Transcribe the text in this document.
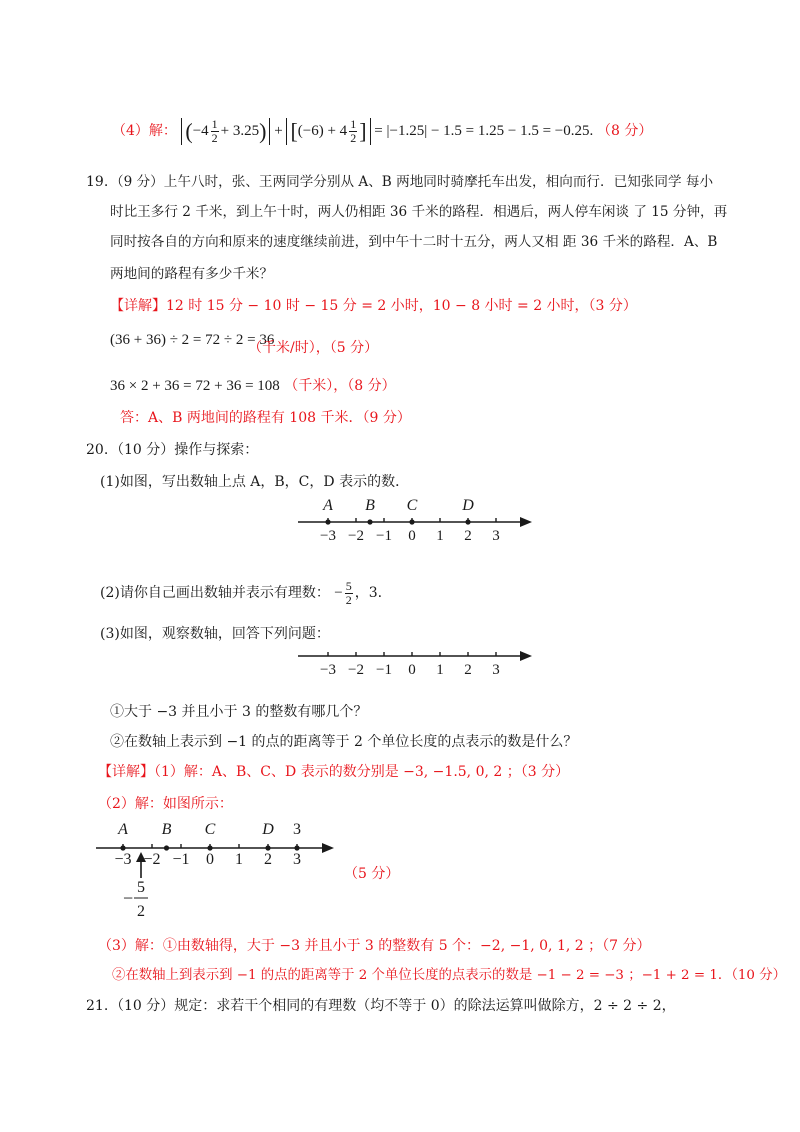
（4）解： $(-4 \frac{1}{2} + 3.25) + [(-6) + 4 \frac{1}{2}$ ] = |−1.25| − 1.5 = 1.25 − 1.5 = −0.25. （8 分）
19. （9 分）上午八时，张、王两同学分别从 A、B 两地同时骑摩托车出发，相向而行．已知张同学 每小
时比王多行 2 千米，到上午十时，两人仍相距 36 千米的路程．相遇后，两人停车闲谈 了 15 分钟，再
同时按各自的方向和原来的速度继续前进，到中午十二时十五分，两人又相 距 36 千米的路程．A、B
两地间的路程有多少千米？
【详解】12 时 15 分 − 10 时 − 15 分 = 2 小时，10 − 8 小时 = 2 小时，（3 分）
(36 + 36) ÷ 2 = 72 ÷ 2 = 36
（千米/时），（5 分）
36 × 2 + 36 = 72 + 36 = 108 （千米），（8 分）
答：A、B 两地间的路程有 108 千米．（9 分）
20. （10 分）操作与探索：
(1)如图，写出数轴上点 A，B，C，D 表示的数．
−3 −2 −1 0 1 2 3
A B C	D
(2)请你自己画出数轴并表示有理数： − $\frac{5}{2}$ ，3.
(3)如图，观察数轴，回答下列问题：
−3 −2 −1 0 1 2 3
①大于 −3 并且小于 3 的整数有哪几个？
②在数轴上表示到 −1 的点的距离等于 2 个单位长度的点表示的数是什么？
【详解】（1）解：A、B、C、D 表示的数分别是 −3, −1.5, 0, 2 ；（3 分）
（2）解：如图所示：
−3 −2 −1 0 1 2 3
A B C	D 3
−
5
2
（5 分）
（3）解：①由数轴得，大于 −3 并且小于 3 的整数有 5 个：−2, −1, 0, 1, 2 ；（7 分）
②在数轴上到表示到 −1 的点的距离等于 2 个单位长度的点表示的数是 −1 − 2 = −3 ；−1 + 2 = 1．（10 分）
21. （10 分）规定：求若干个相同的有理数（均不等于 0）的除法运算叫做除方，2 ÷ 2 ÷ 2，
